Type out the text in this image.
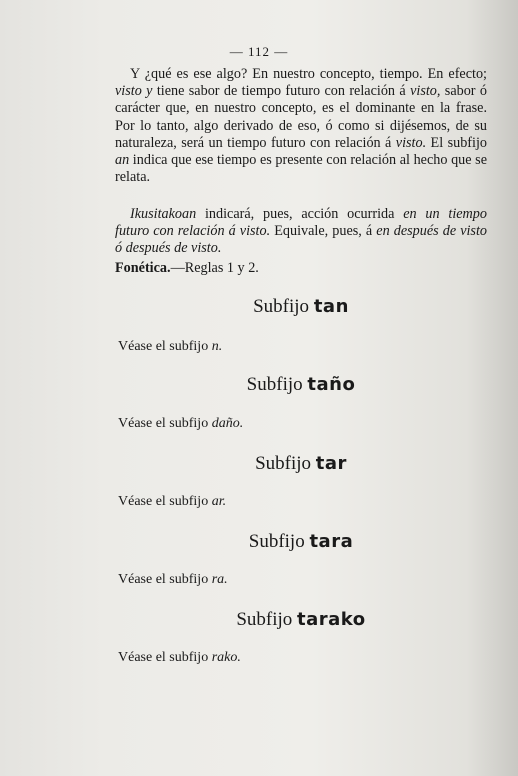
— 112 —
Y ¿qué es ese algo? En nuestro concepto, tiempo. En efecto; visto y tiene sabor de tiempo futuro con relación á visto, sabor ó carácter que, en nuestro concepto, es el dominante en la frase. Por lo tanto, algo derivado de eso, ó como si dijésemos, de su naturaleza, será un tiempo futuro con relación á visto. El subfijo an indica que ese tiempo es presente con relación al hecho que se relata.
Ikusitakoan indicará, pues, acción ocurrida en un tiempo futuro con relación á visto. Equivale, pues, á en después de visto ó después de visto.
Fonética.—Reglas 1 y 2.
Subfijo tan
Véase el subfijo n.
Subfijo taño
Véase el subfijo daño.
Subfijo tar
Véase el subfijo ar.
Subfijo tara
Véase el subfijo ra.
Subfijo tarako
Véase el subfijo rako.
